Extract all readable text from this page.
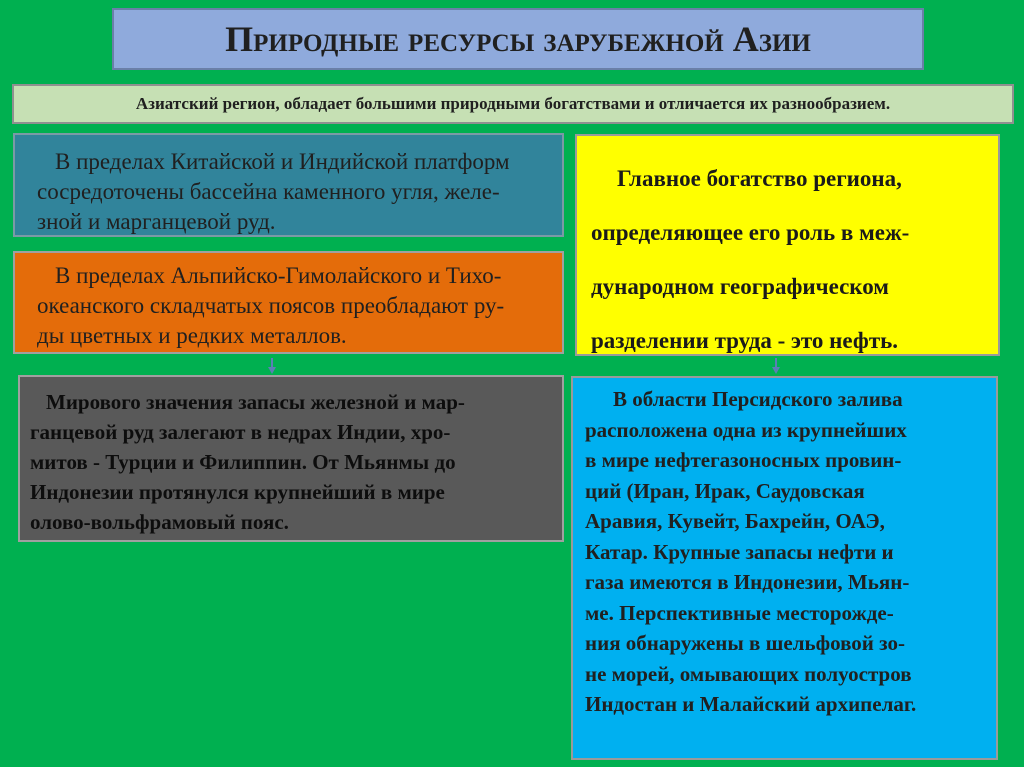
Природные ресурсы зарубежной Азии
Азиатский регион, обладает большими природными богатствами и отличается их разнообразием.
В пределах Китайской и Индийской платформ
сосредоточены бассейна каменного угля, желе-
зной и марганцевой руд.
В пределах Альпийско-Гимолайского и Тихо-
океанского складчатых поясов преобладают ру-
ды цветных и редких металлов.
Мирового значения запасы железной и мар-
ганцевой руд залегают в недрах Индии, хро-
митов - Турции и Филиппин. От Мьянмы до
Индонезии протянулся крупнейший в мире
олово-вольфрамовый пояс.
Главное богатство региона,
определяющее его роль в меж-
дународном географическом
разделении труда - это нефть.
В области Персидского залива
расположена одна из крупнейших
в мире нефтегазоносных провин-
ций (Иран, Ирак, Саудовская
Аравия, Кувейт, Бахрейн, ОАЭ,
Катар. Крупные запасы нефти и
газа имеются в Индонезии, Мьян-
ме. Перспективные месторожде-
ния обнаружены в шельфовой зо-
не морей, омывающих полуостров
Индостан и Малайский архипелаг.
